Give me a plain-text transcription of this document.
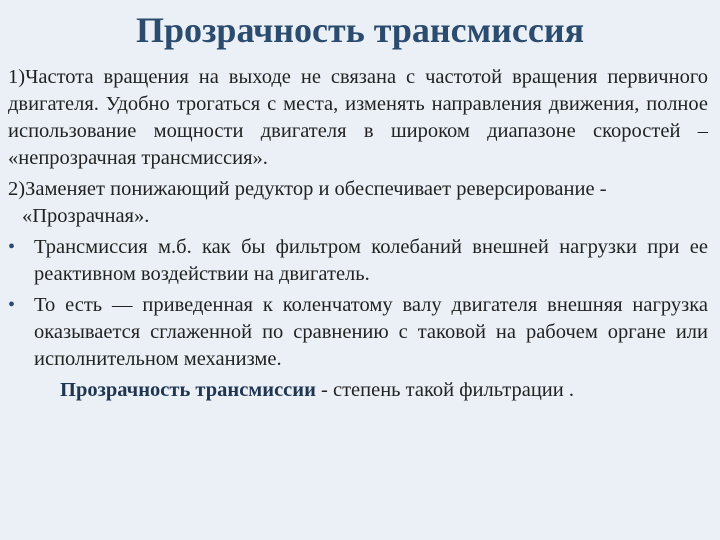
Прозрачность трансмиссия

1)Частота вращения на выходе не связана с частотой вращения первичного двигателя. Удобно трогаться с места, изменять направления движения, полное использование мощности двигателя в широком диапазоне скоростей – «непрозрачная трансмиссия».

2)Заменяет понижающий редуктор и обеспечивает реверсирование -

«Прозрачная».

• Трансмиссия м.б. как бы фильтром колебаний внешней нагрузки при ее реактивном воздействии на двигатель.
• То есть — приведенная к коленчатому валу двигателя внешняя нагрузка оказывается сглаженной по сравнению с таковой на рабочем органе или исполнительном механизме.

Прозрачность трансмиссии - степень такой фильтрации .
